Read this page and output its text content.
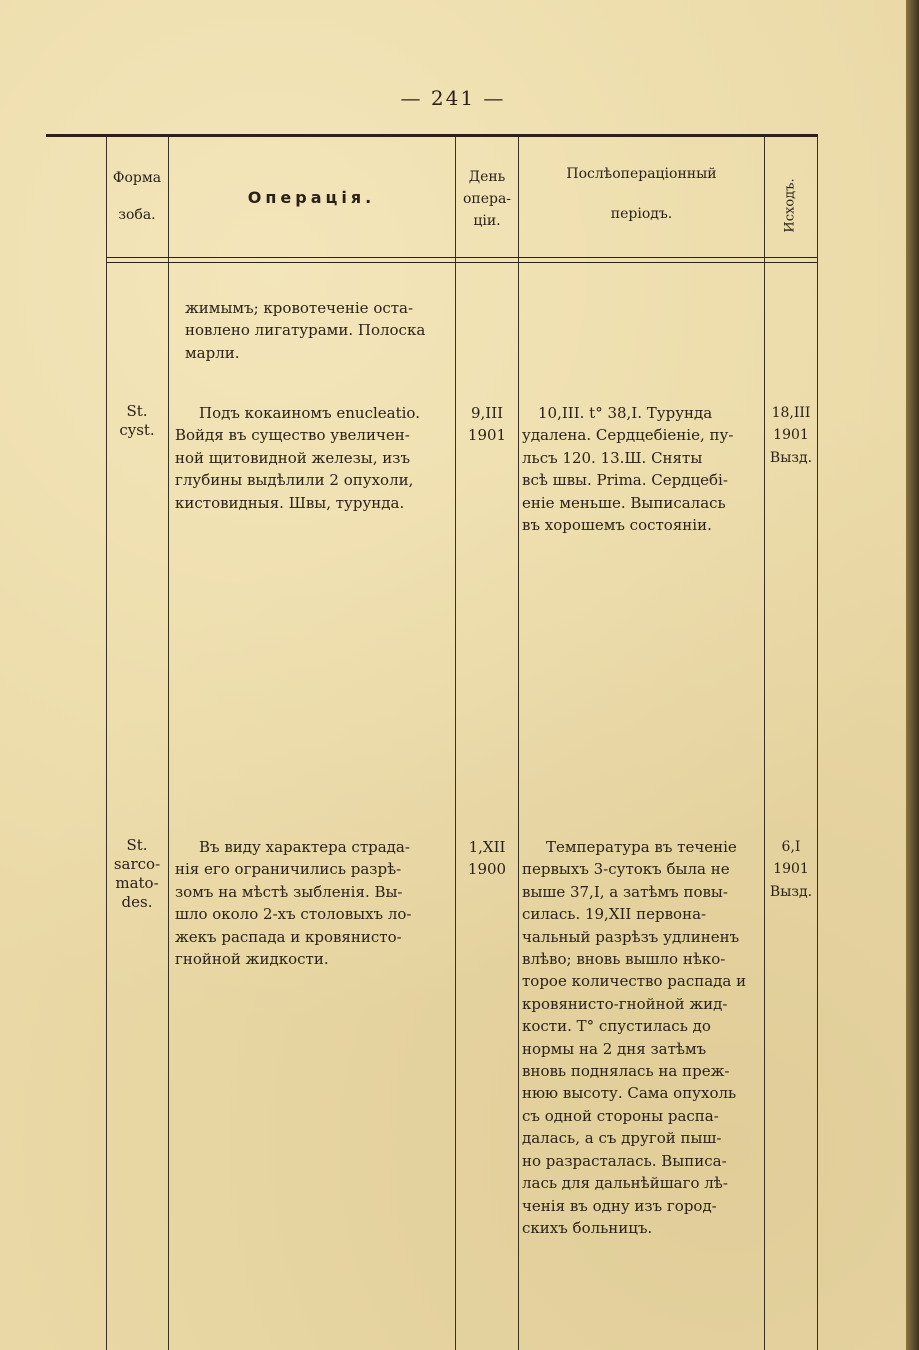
— 241 —
Форма
зоба.
Операція.
День
опера-
ціи.
Послѣопераціонный
періодъ.	Исходъ.
жимымъ; кровотеченіе оста-
новлено лигатурами. Полоска
марли.
St.
cyst.
Подъ кокаиномъ enucleatio.
Войдя въ существо увеличен-
ной щитовидной железы, изъ
глубины выдѣлили 2 опухоли,
кистовидныя. Швы, турунда.
9,III
1901
10,III. t° 38,I. Турунда
удалена. Сердцебіеніе, пу-
льсъ 120. 13.Ш. Сняты
всѣ швы. Prima. Сердцебі-
еніе меньше. Выписалась
въ хорошемъ состояніи.
18,III
1901
Вызд.
St.
sarco-
mato-
des.
Въ виду характера страда-
нія его ограничились разрѣ-
зомъ на мѣстѣ зыбленія. Вы-
шло около 2-хъ столовыхъ ло-
жекъ распада и кровянисто-
гнойной жидкости.
1,XII
1900
Температура въ теченіе
первыхъ 3-сутокъ была не
выше 37,I, а затѣмъ повы-
силась. 19,XII первона-
чальный разрѣзъ удлиненъ
влѣво; вновь вышло нѣко-
торое количество распада и
кровянисто-гнойной жид-
кости. T° спустилась до
нормы на 2 дня затѣмъ
вновь поднялась на преж-
нюю высоту. Сама опухоль
съ одной стороны распа-
далась, а съ другой пыш-
но разрасталась. Выписа-
лась для дальнѣйшаго лѣ-
ченія въ одну изъ город-
скихъ больницъ.
6,I
1901
Вызд.
